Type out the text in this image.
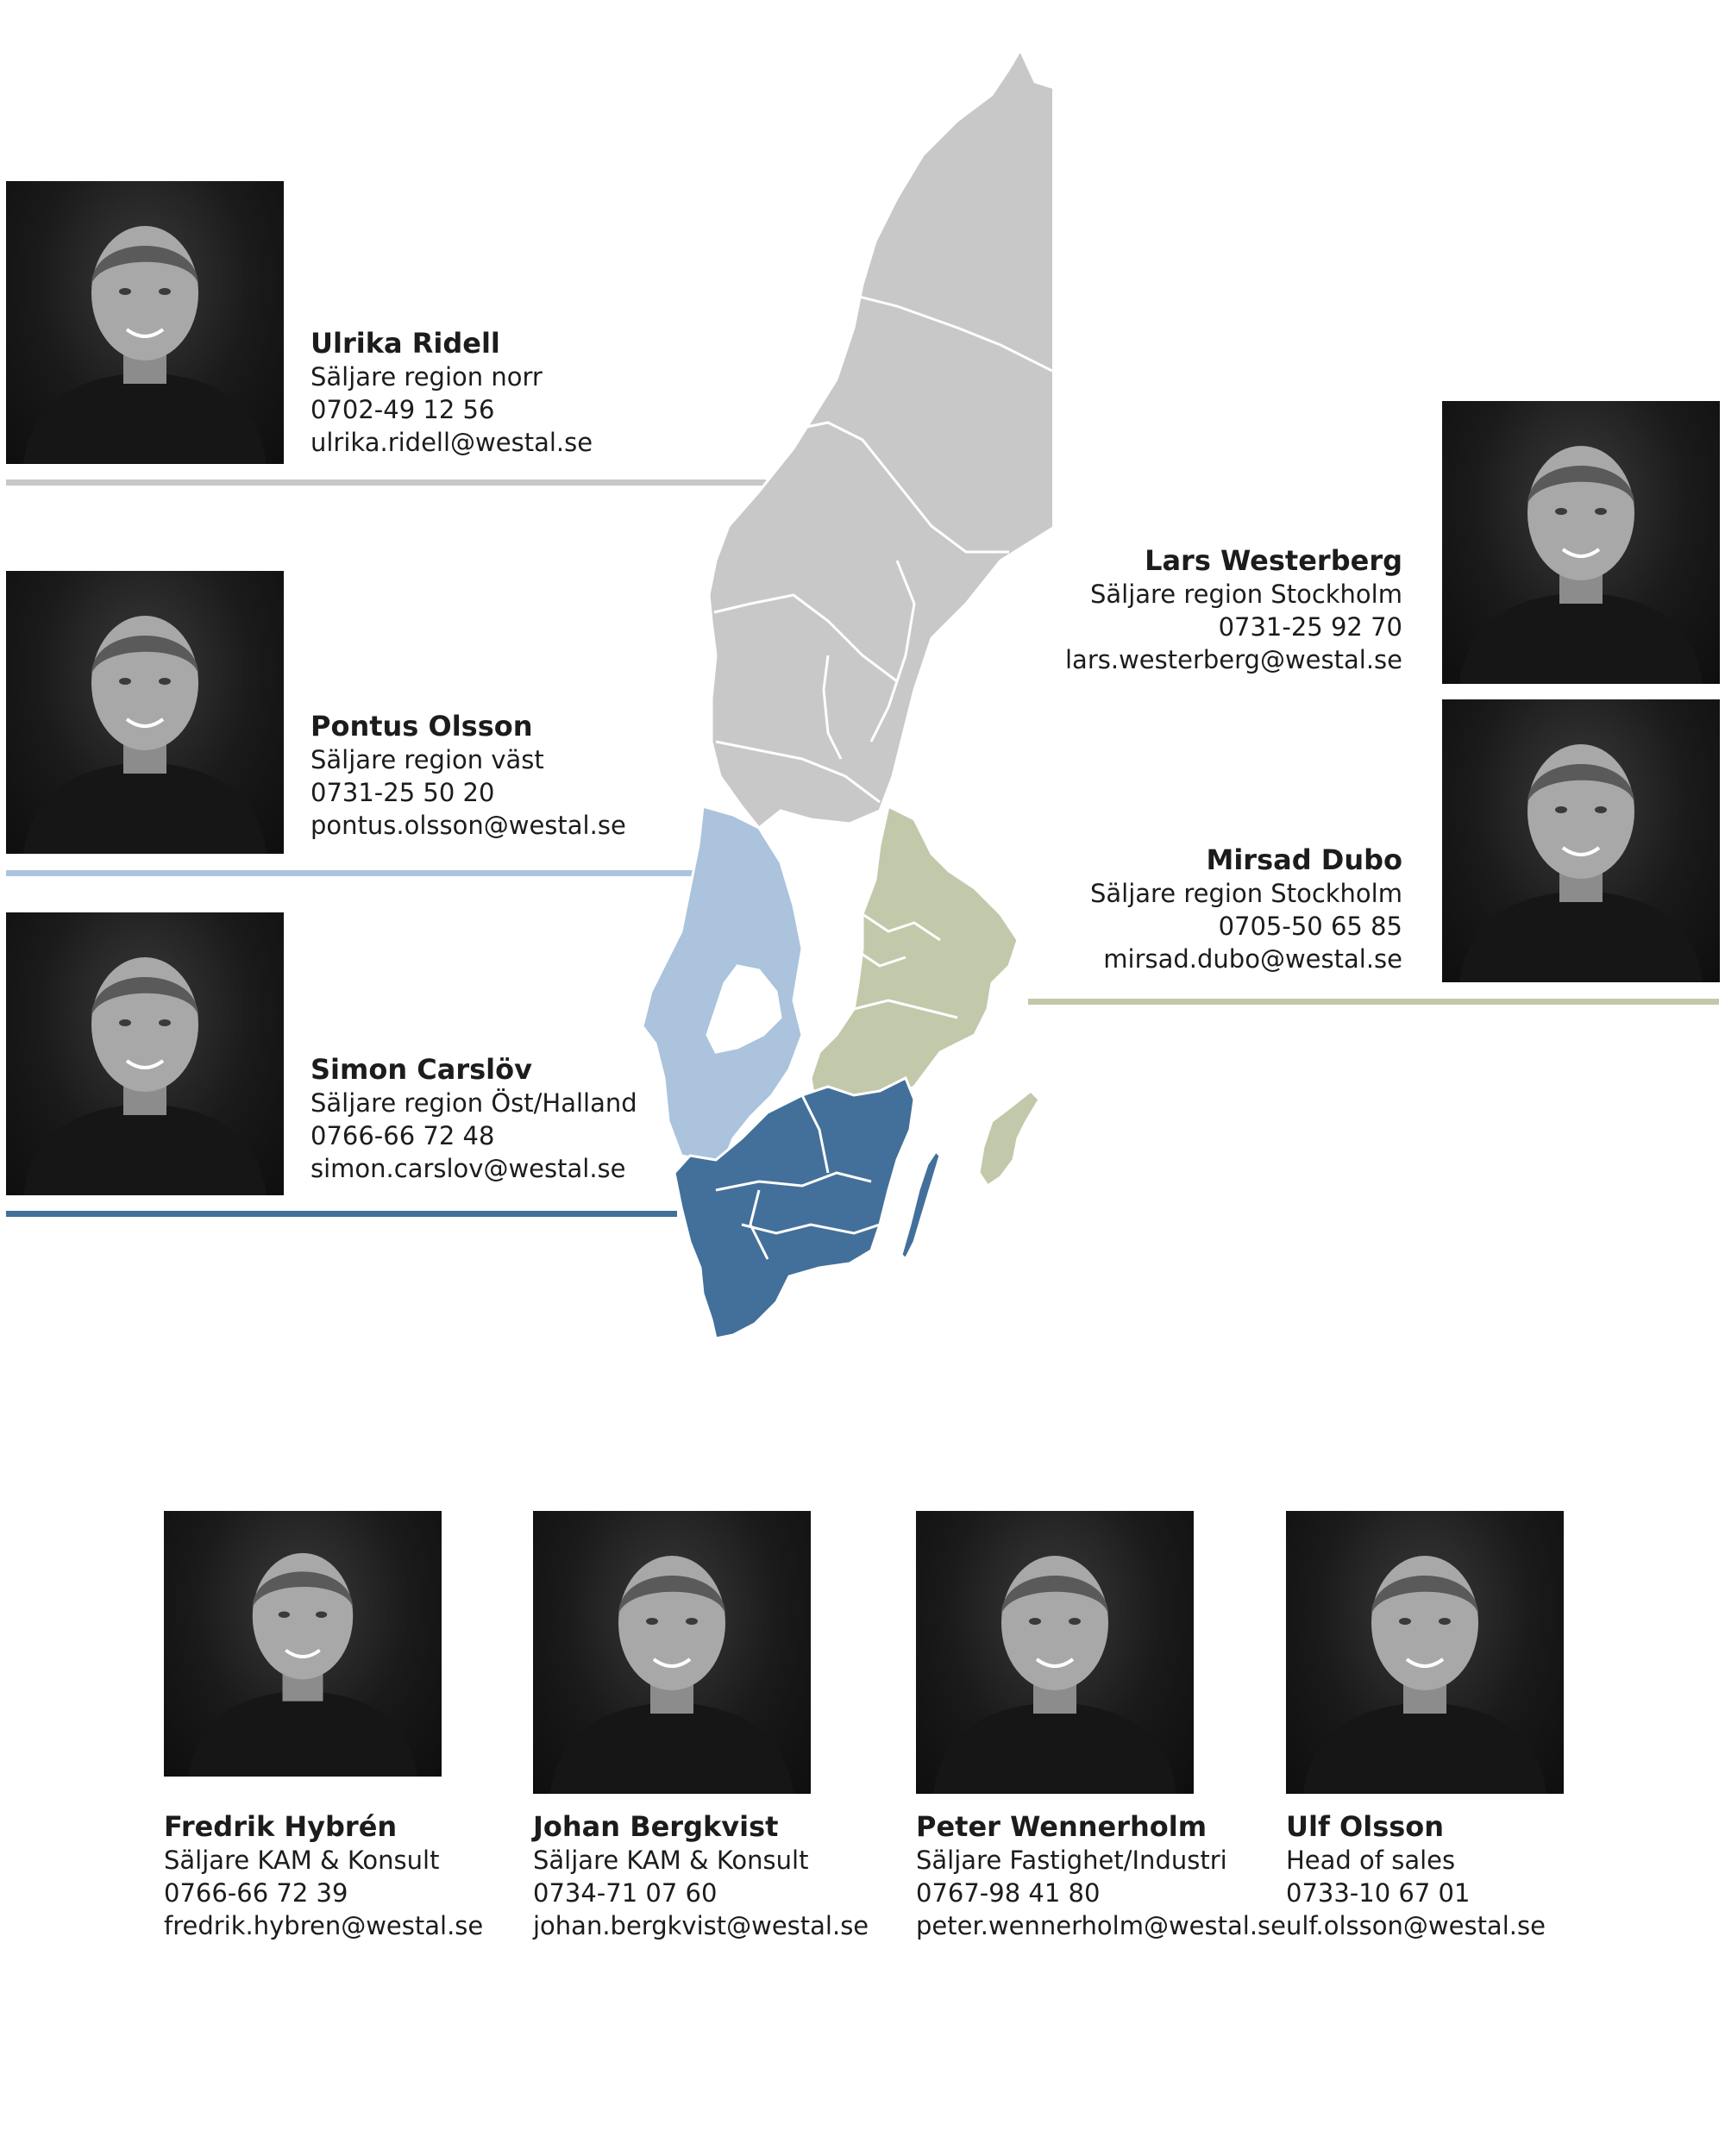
Ulrika Ridell
Säljare region norr
0702-49 12 56
ulrika.ridell@westal.se
Pontus Olsson
Säljare region väst
0731-25 50 20
pontus.olsson@westal.se
Simon Carslöv
Säljare region Öst/Halland
0766-66 72 48
simon.carslov@westal.se
Lars Westerberg
Säljare region Stockholm
0731-25 92 70
lars.westerberg@westal.se
Mirsad Dubo
Säljare region Stockholm
0705-50 65 85
mirsad.dubo@westal.se
Fredrik Hybrén
Säljare KAM & Konsult
0766-66 72 39
fredrik.hybren@westal.se
Johan Bergkvist
Säljare KAM & Konsult
0734-71 07 60
johan.bergkvist@westal.se
Peter Wennerholm
Säljare Fastighet/Industri
0767-98 41 80
peter.wennerholm@westal.se
Ulf Olsson
Head of sales
0733-10 67 01
ulf.olsson@westal.se
